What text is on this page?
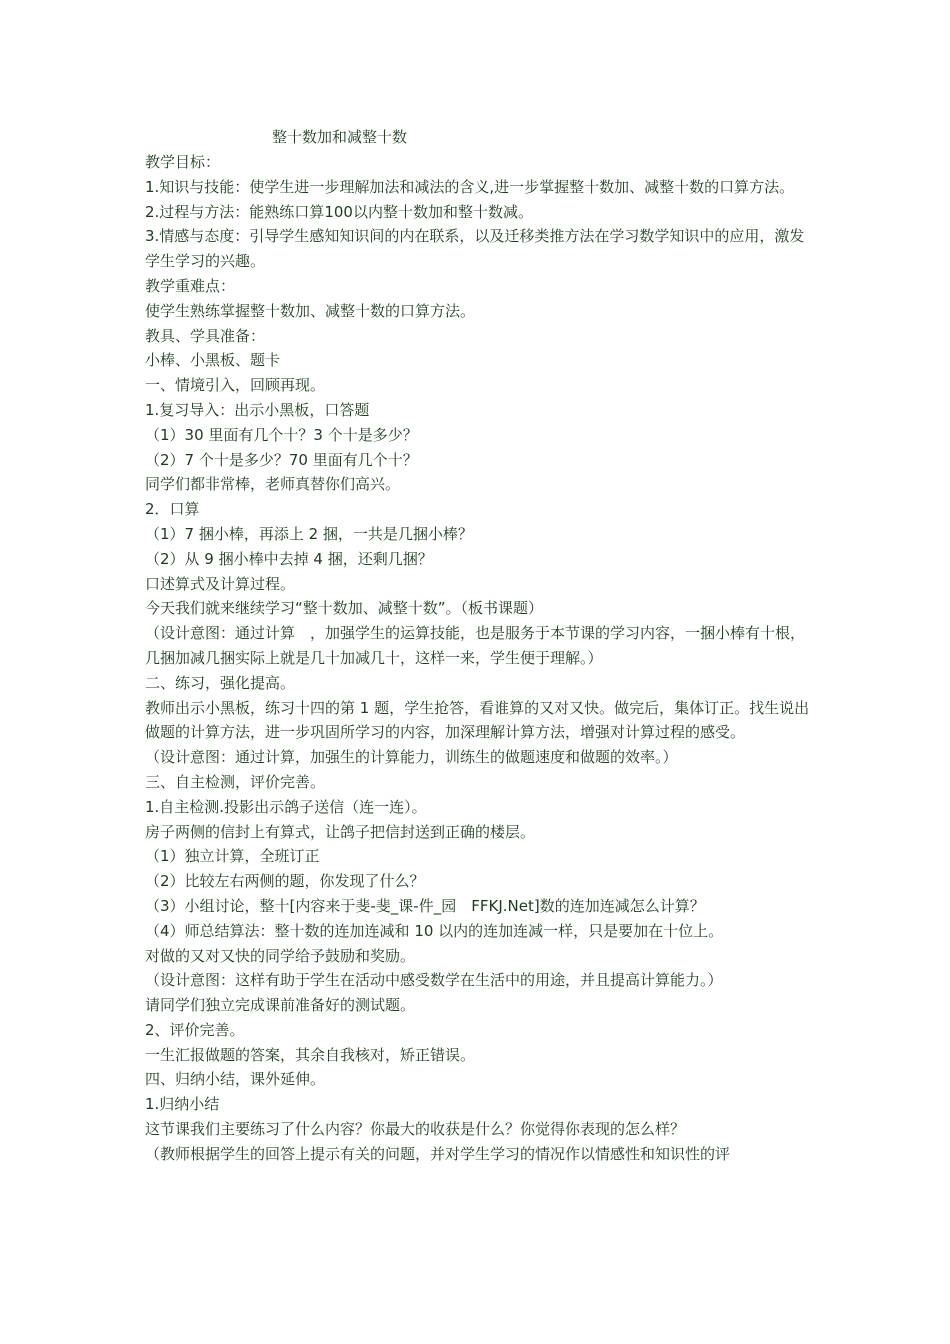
整十数加和减整十数

教学目标：

1.知识与技能：使学生进一步理解加法和减法的含义,进一步掌握整十数加、减整十数的口算方法。

2.过程与方法：能熟练口算100以内整十数加和整十数减。

3.情感与态度：引导学生感知知识间的内在联系，以及迁移类推方法在学习数学知识中的应用，激发学生学习的兴趣。

教学重难点：

使学生熟练掌握整十数加、减整十数的口算方法。

教具、学具准备：

小棒、小黑板、题卡

一、情境引入，回顾再现。

1.复习导入：出示小黑板，口答题

（1）30 里面有几个十？3 个十是多少？

（2）7 个十是多少？70 里面有几个十？

同学们都非常棒，老师真替你们高兴。

2．口算

（1）7 捆小棒，再添上 2 捆，一共是几捆小棒？

（2）从 9 捆小棒中去掉 4 捆，还剩几捆？

口述算式及计算过程。

今天我们就来继续学习“整十数加、减整十数”。（板书课题）

（设计意图：通过计算　，加强学生的运算技能，也是服务于本节课的学习内容，一捆小棒有十根，几捆加减几捆实际上就是几十加减几十，这样一来，学生便于理解。）

二、练习，强化提高。

教师出示小黑板，练习十四的第 1 题，学生抢答，看谁算的又对又快。做完后，集体订正。找生说出做题的计算方法，进一步巩固所学习的内容，加深理解计算方法，增强对计算过程的感受。

（设计意图：通过计算，加强生的计算能力，训练生的做题速度和做题的效率。）

三、自主检测，评价完善。

1.自主检测.投影出示鸽子送信（连一连）。

房子两侧的信封上有算式，让鸽子把信封送到正确的楼层。

（1）独立计算，全班订正

（2）比较左右两侧的题，你发现了什么？

（3）小组讨论，整十[内容来于斐-斐_课-件_园　FFKJ.Net]数的连加连减怎么计算？

（4）师总结算法：整十数的连加连减和 10 以内的连加连减一样，只是要加在十位上。

对做的又对又快的同学给予鼓励和奖励。

（设计意图：这样有助于学生在活动中感受数学在生活中的用途，并且提高计算能力。）

请同学们独立完成课前准备好的测试题。

2、评价完善。

一生汇报做题的答案，其余自我核对，矫正错误。

四、归纳小结，课外延伸。

1.归纳小结

这节课我们主要练习了什么内容？你最大的收获是什么？你觉得你表现的怎么样？

（教师根据学生的回答上提示有关的问题，并对学生学习的情况作以情感性和知识性的评
